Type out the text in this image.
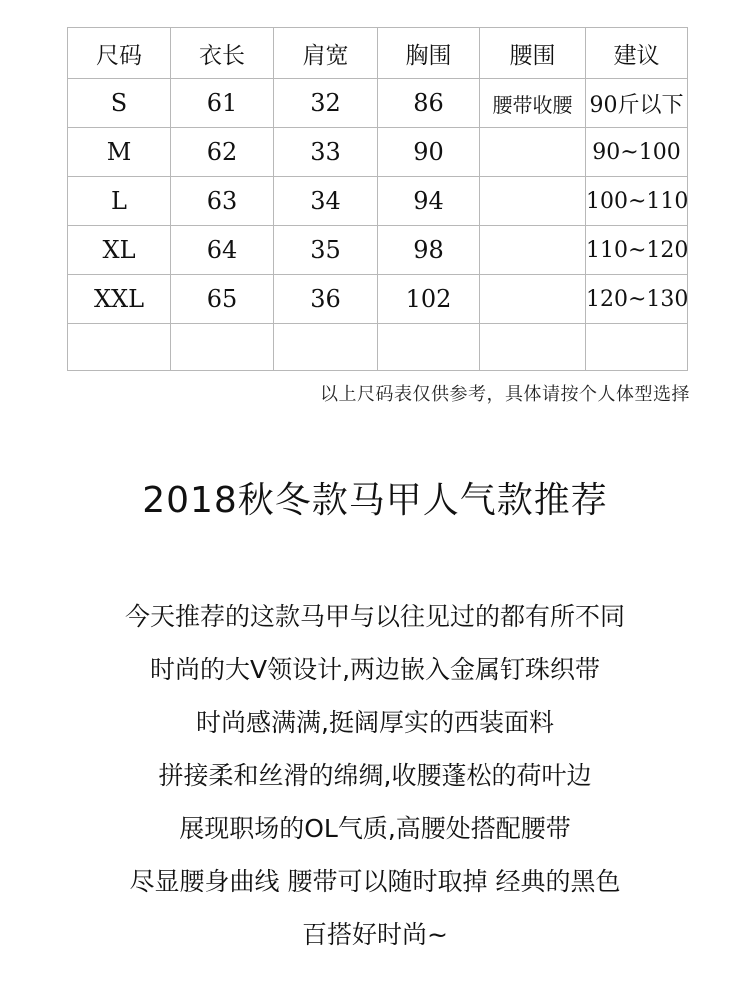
尺码	衣长	肩宽	胸围	腰围	建议
S	61	32	86	腰带收腰	90斤以下
M	62	33	90		90~100
L	63	34	94		100~110
XL	64	35	98		110~120
XXL	65	36	102		120~130

以上尺码表仅供参考，具体请按个人体型选择
2018秋冬款马甲人气款推荐
今天推荐的这款马甲与以往见过的都有所不同
时尚的大V领设计,两边嵌入金属钉珠织带
时尚感满满,挺阔厚实的西装面料
拼接柔和丝滑的绵绸,收腰蓬松的荷叶边
展现职场的OL气质,高腰处搭配腰带
尽显腰身曲线 腰带可以随时取掉 经典的黑色
百搭好时尚~
